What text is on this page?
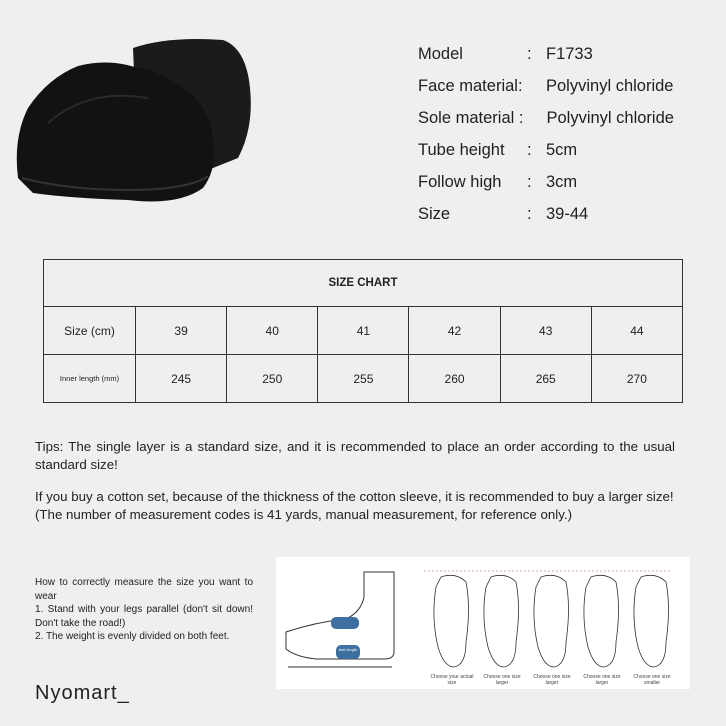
Model	: F1733
Face material: Polyvinyl chloride
Sole material : Polyvinyl chloride
Tube height	: 5cm
Follow high	: 3cm
Size	: 39-44
SIZE CHART						
Size (cm)	39	40	41	42	43	44
Inner length (mm)	245	250	255	260	265	270

Tips: The single layer is a standard size, and it is recommended to place an order according to the usual standard size!

If you buy a cotton set, because of the thickness of the cotton sleeve, it is recommended to buy a larger size!

(The number of measurement codes is 41 yards, manual measurement, for reference only.)

How to correctly measure the size you want to wear
1. Stand with your legs parallel (don't sit down! Don't take the road!)
2. The weight is evenly divided on both feet.
feet length
Choose your actual size
Choose one size larger
Choose one size larger
Choose one size larger
Choose one size smaller
Nyomart_
